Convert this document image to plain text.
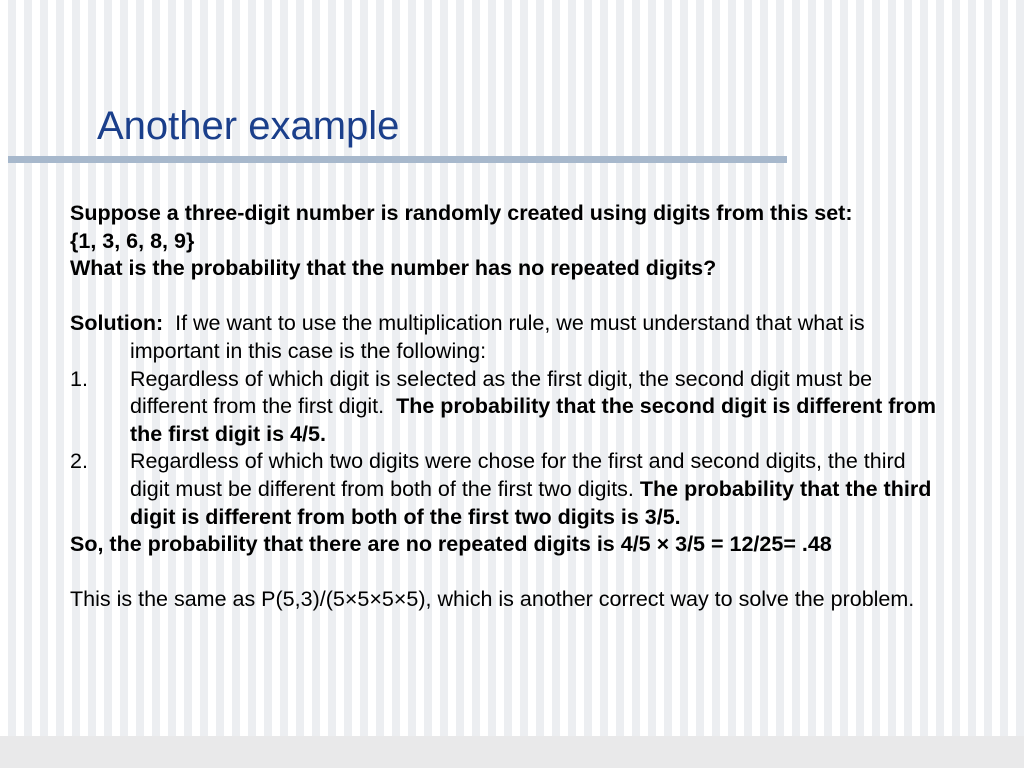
Another example

Suppose a three-digit number is randomly created using digits from this set:

{1, 3, 6, 8, 9}

What is the probability that the number has no repeated digits?

Solution: If we want to use the multiplication rule, we must understand that what is important in this case is the following:

1. Regardless of which digit is selected as the first digit, the second digit must be different from the first digit. The probability that the second digit is different from the first digit is 4/5.

2. Regardless of which two digits were chose for the first and second digits, the third digit must be different from both of the first two digits. The probability that the third digit is different from both of the first two digits is 3/5.

So, the probability that there are no repeated digits is 4/5 × 3/5 = 12/25= .48

This is the same as P(5,3)/(5×5×5×5), which is another correct way to solve the problem.
